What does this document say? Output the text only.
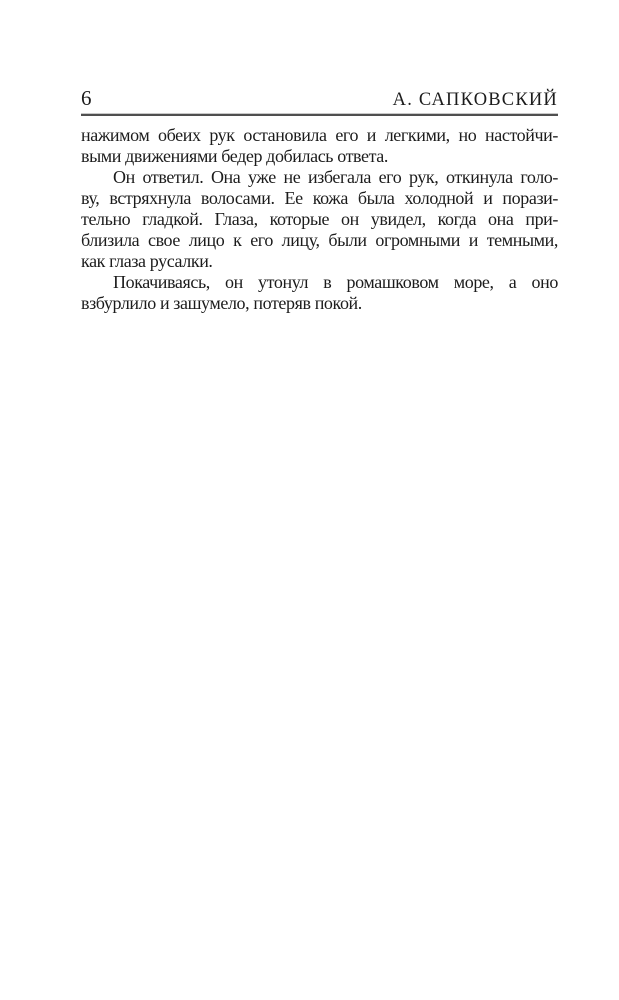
6	А. САПКОВСКИЙ

нажимом обеих рук остановила его и легкими, но настойчи-

выми движениями бедер добилась ответа.

Он ответил. Она уже не избегала его рук, откинула голо-

ву, встряхнула волосами. Ее кожа была холодной и порази-

тельно гладкой. Глаза, которые он увидел, когда она при-

близила свое лицо к его лицу, были огромными и темными,

как глаза русалки.

Покачиваясь, он утонул в ромашковом море, а оно

взбурлило и зашумело, потеряв покой.
